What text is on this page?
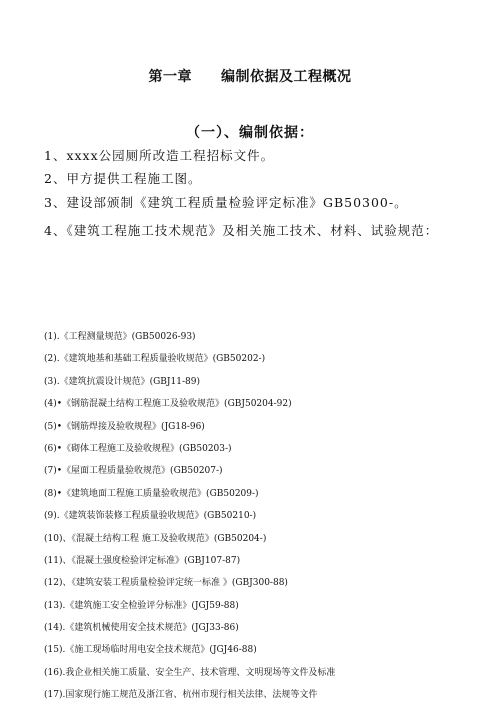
第一章　　编制依据及工程概况
（一）、编制依据：
1、xxxx公园厕所改造工程招标文件。
2、甲方提供工程施工图。
3、建设部颁制《建筑工程质量检验评定标准》GB50300-。
4、《建筑工程施工技术规范》及相关施工技术、材料、试验规范：
(1).《工程测量规范》(GB50026-93)
(2).《建筑地基和基础工程质量验收规范》(GB50202-)
(3).《建筑抗震设计规范》(GBJ11-89)
(4)•《钢筋混凝土结构工程施工及验收规范》(GBJ50204-92)
(5)•《钢筋焊接及验收规程》(JG18-96)
(6)•《砌体工程施工及验收规程》(GB50203-)
(7)•《屋面工程质量验收规范》(GB50207-)
(8)•《建筑地面工程施工质量验收规范》(GB50209-)
(9).《建筑装饰装修工程质量验收规范》(GB50210-)
(10)、《混凝土结构工程 施工及验收规范》(GB50204-)
(11)、《混凝土强度检验评定标准》(GBJ107-87)
(12)、《建筑安装工程质量检验评定统一标准 》(GBJ300-88)
(13).《建筑施工安全检验评分标准》(JGJ59-88)
(14).《建筑机械使用安全技术规范》(JGJ33-86)
(15).《施工现场临时用电安全技术规范》(JGJ46-88)
(16).我企业相关施工质量、安全生产、技术管理、文明现场等文件及标准
(17).国家现行施工规范及浙江省、杭州市现行相关法律、法规等文件
